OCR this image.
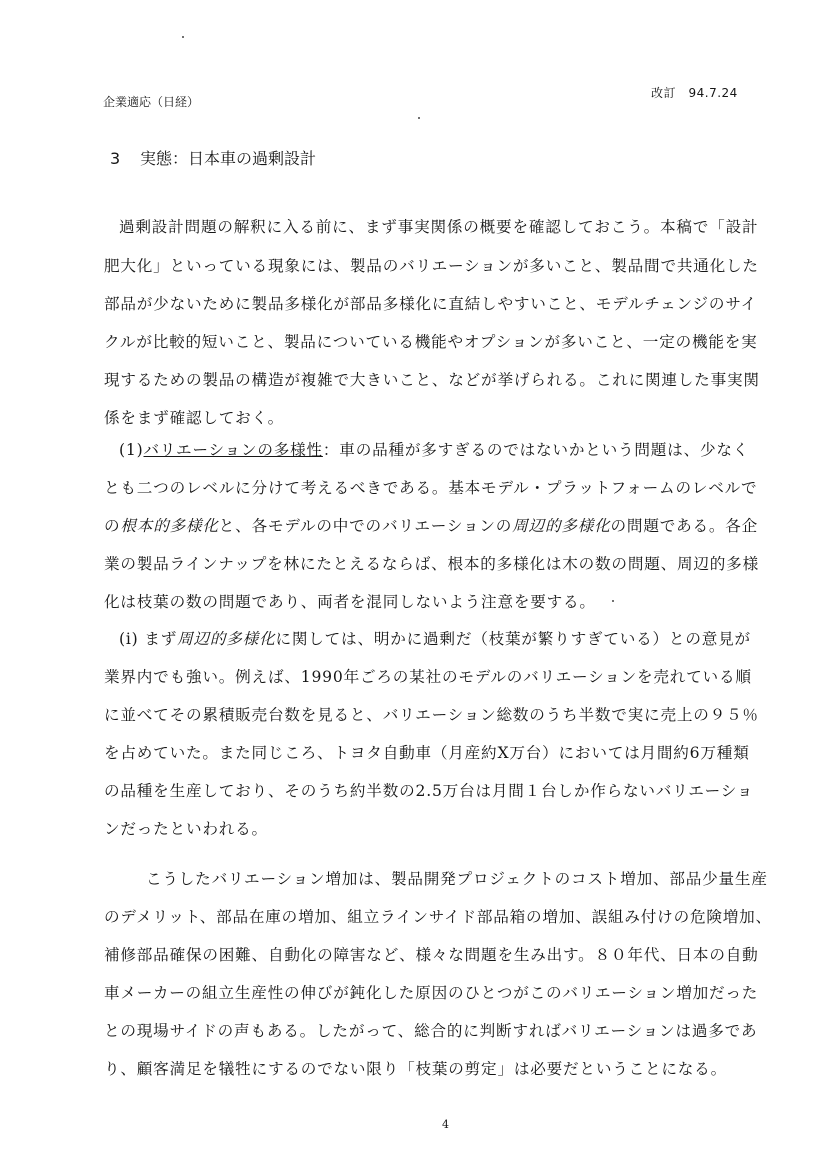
企業適応（日経）
改訂　94.7.24
3 実態：日本車の過剰設計
過剰設計問題の解釈に入る前に、まず事実関係の概要を確認しておこう。本稿で「設計
肥大化」といっている現象には、製品のバリエーションが多いこと、製品間で共通化した
部品が少ないために製品多様化が部品多様化に直結しやすいこと、モデルチェンジのサイ
クルが比較的短いこと、製品についている機能やオプションが多いこと、一定の機能を実
現するための製品の構造が複雑で大きいこと、などが挙げられる。これに関連した事実関
係をまず確認しておく。
(1)バリエーションの多様性：車の品種が多すぎるのではないかという問題は、少なく
とも二つのレベルに分けて考えるべきである。基本モデル・プラットフォームのレベルで
の根本的多様化と、各モデルの中でのバリエーションの周辺的多様化の問題である。各企
業の製品ラインナップを林にたとえるならば、根本的多様化は木の数の問題、周辺的多様
化は枝葉の数の問題であり、両者を混同しないよう注意を要する。
(i) まず周辺的多様化に関しては、明かに過剰だ（枝葉が繁りすぎている）との意見が
業界内でも強い。例えば、1990年ごろの某社のモデルのバリエーションを売れている順
に並べてその累積販売台数を見ると、バリエーション総数のうち半数で実に売上の９５％
を占めていた。また同じころ、トヨタ自動車（月産約X万台）においては月間約6万種類
の品種を生産しており、そのうち約半数の2.5万台は月間１台しか作らないバリエーショ
ンだったといわれる。
こうしたバリエーション増加は、製品開発プロジェクトのコスト増加、部品少量生産
のデメリット、部品在庫の増加、組立ラインサイド部品箱の増加、誤組み付けの危険増加、
補修部品確保の困難、自動化の障害など、様々な問題を生み出す。８０年代、日本の自動
車メーカーの組立生産性の伸びが鈍化した原因のひとつがこのバリエーション増加だった
との現場サイドの声もある。したがって、総合的に判断すればバリエーションは過多であ
り、顧客満足を犠牲にするのでない限り「枝葉の剪定」は必要だということになる。
4
